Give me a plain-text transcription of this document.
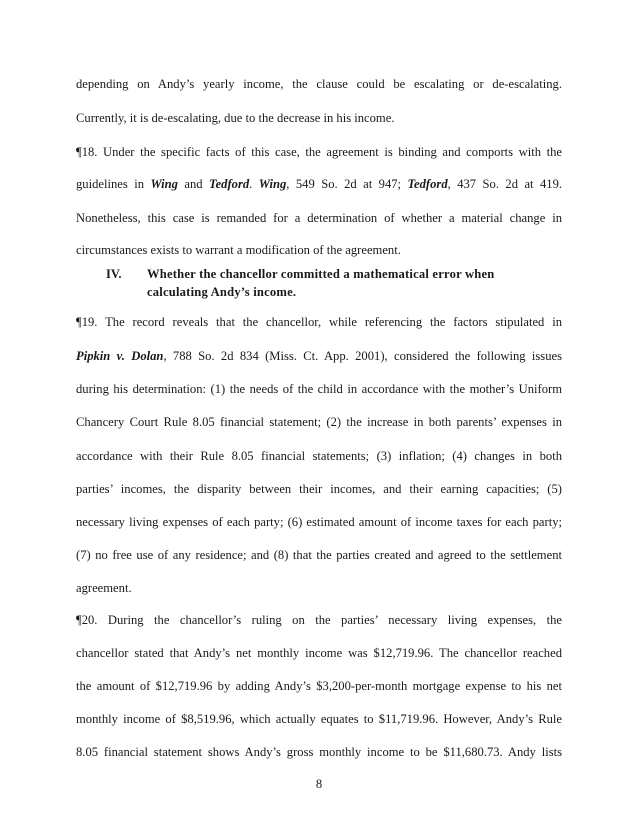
depending on Andy’s yearly income, the clause could be escalating or de-escalating.
Currently, it is de-escalating, due to the decrease in his income.
¶18. Under the specific facts of this case, the agreement is binding and comports with the
guidelines in Wing and Tedford. Wing, 549 So. 2d at 947; Tedford, 437 So. 2d at 419.
Nonetheless, this case is remanded for a determination of whether a material change in
circumstances exists to warrant a modification of the agreement.
IV. Whether the chancellor committed a mathematical error when
calculating Andy’s income.
¶19. The record reveals that the chancellor, while referencing the factors stipulated in
Pipkin v. Dolan, 788 So. 2d 834 (Miss. Ct. App. 2001), considered the following issues
during his determination: (1) the needs of the child in accordance with the mother’s Uniform
Chancery Court Rule 8.05 financial statement; (2) the increase in both parents’ expenses in
accordance with their Rule 8.05 financial statements; (3) inflation; (4) changes in both
parties’ incomes, the disparity between their incomes, and their earning capacities; (5)
necessary living expenses of each party; (6) estimated amount of income taxes for each party;
(7) no free use of any residence; and (8) that the parties created and agreed to the settlement
agreement.
¶20. During the chancellor’s ruling on the parties’ necessary living expenses, the
chancellor stated that Andy’s net monthly income was $12,719.96. The chancellor reached
the amount of $12,719.96 by adding Andy’s $3,200-per-month mortgage expense to his net
monthly income of $8,519.96, which actually equates to $11,719.96. However, Andy’s Rule
8.05 financial statement shows Andy’s gross monthly income to be $11,680.73. Andy lists
8
